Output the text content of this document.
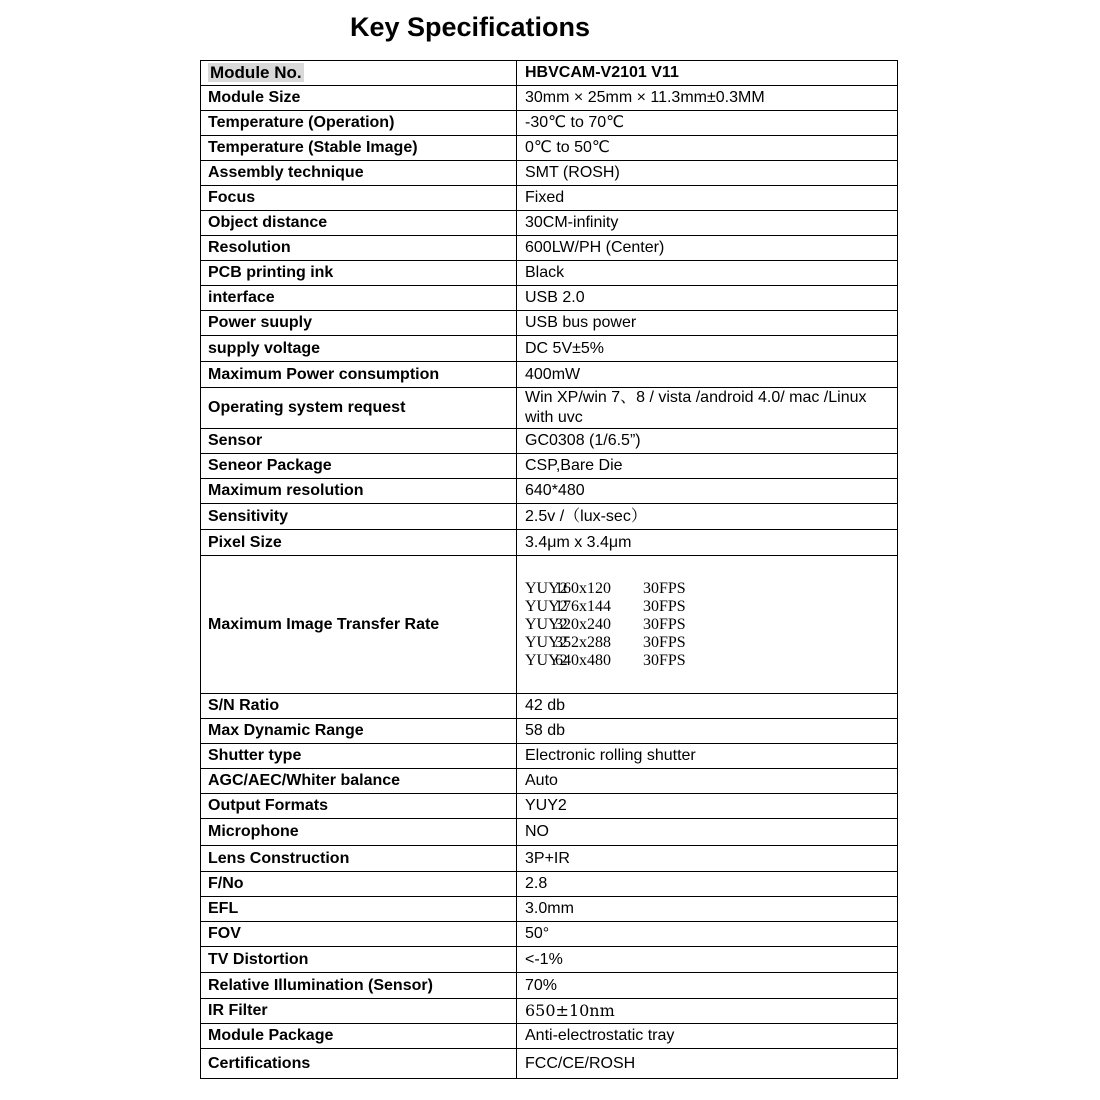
Key Specifications
Module No.	HBVCAM-V2101 V11
Module Size	30mm × 25mm × 11.3mm±0.3MM
Temperature (Operation)	-30℃ to 70℃
Temperature (Stable Image)	0℃ to 50℃
Assembly technique	SMT (ROSH)
Focus	Fixed
Object distance	30CM-infinity
Resolution	600LW/PH (Center)
PCB printing ink	Black
interface	USB 2.0
Power suuply	USB bus power
supply voltage	DC 5V±5%
Maximum Power consumption	400mW
Operating system request	Win XP/win 7、8 / vista /android 4.0/ mac /Linux with uvc
Sensor	GC0308 (1/6.5”)
Seneor Package	CSP,Bare Die
Maximum resolution	640*480
Sensitivity	2.5v /（lux-sec）
Pixel Size	3.4μm x 3.4μm
Maximum Image Transfer Rate	YUY2160x120 30FPS
YUY2176x144 30FPS
YUY2320x240 30FPS
YUY2352x288 30FPS
YUY2640x480 30FPS

S/N Ratio	42 db
Max Dynamic Range	58 db
Shutter type	Electronic rolling shutter
AGC/AEC/Whiter balance	Auto
Output Formats	YUY2
Microphone	NO
Lens Construction	3P+IR
F/No	2.8
EFL	3.0mm
FOV	50°
TV Distortion	<-1%
Relative Illumination (Sensor)	70%
IR Filter	650±10nm
Module Package	Anti-electrostatic tray
Certifications	FCC/CE/ROSH
